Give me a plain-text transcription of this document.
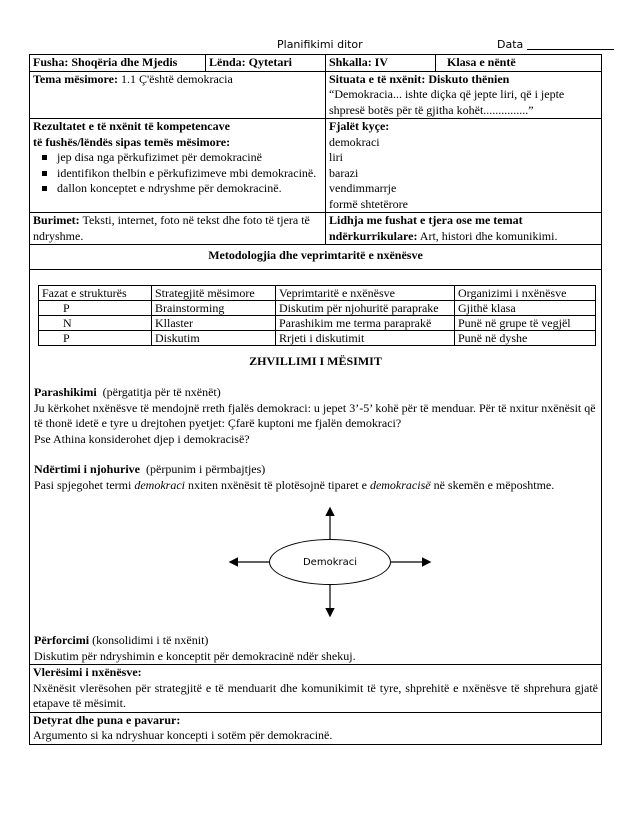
Planifikimi ditor	Data
Fusha: Shoqëria dhe Mjedis	Lënda: Qytetari	Shkalla: IV	Klasa e nëntë
Tema mësimore: 1.1 Ç'është demokracia	Situata e të nxënit: Diskuto thënien
“Demokracia... ishte diçka që jepte liri, që i jepte shpresë botës për të gjitha kohët...............”
Rezultatet e të nxënit të kompetencave
të fushës/lëndës sipas temës mësimore:
jep disa nga përkufizimet për demokracinë
identifikon thelbin e përkufizimeve mbi demokracinë.
dallon konceptet e ndryshme për demokracinë.
	Fjalët kyçe:
demokraci
liri
barazi
vendimmarrje
formë shtetërore
Burimet: Teksti, internet, foto në tekst dhe foto të tjera të ndryshme.	Lidhja me fushat e tjera ose me temat ndërkurrikulare: Art, histori dhe komunikimi.
Metodologjia dhe veprimtaritë e nxënësve

Fazat e strukturës	Strategjitë mësimore	Veprimtaritë e nxënësve	Organizimi i nxënësve
P	Brainstorming	Diskutim për njohuritë paraprake	Gjithë klasa
N	Kllaster	Parashikim me terma paraprakë	Punë në grupe të vegjël
P	Diskutim	Rrjeti i diskutimit	Punë në dyshe
ZHVILLIMI I MËSIMIT
Parashikimi (përgatitja për të nxënët)
Ju kërkohet nxënësve të mendojnë rreth fjalës demokraci: u jepet 3’-5’ kohë për të menduar. Për të nxitur nxënësit që të thonë idetë e tyre u drejtohen pyetjet: Çfarë kuptoni me fjalën demokraci?
Pse Athina konsiderohet djep i demokracisë?
Ndërtimi i njohurive (përpunim i përmbajtjes)
Pasi spjegohet termi demokraci nxiten nxënësit të plotësojnë tiparet e demokracisë në skemën e mëposhtme.
Demokraci
Përforcimi (konsolidimi i të nxënit)
Diskutim për ndryshimin e konceptit për demokracinë ndër shekuj.

Vlerësimi i nxënësve:
Nxënësit vlerësohen për strategjitë e të menduarit dhe komunikimit të tyre, shprehitë e nxënësve të shprehura gjatë etapave të mësimit.
Detyrat dhe puna e pavarur:
Argumento si ka ndryshuar koncepti i sotëm për demokracinë.
